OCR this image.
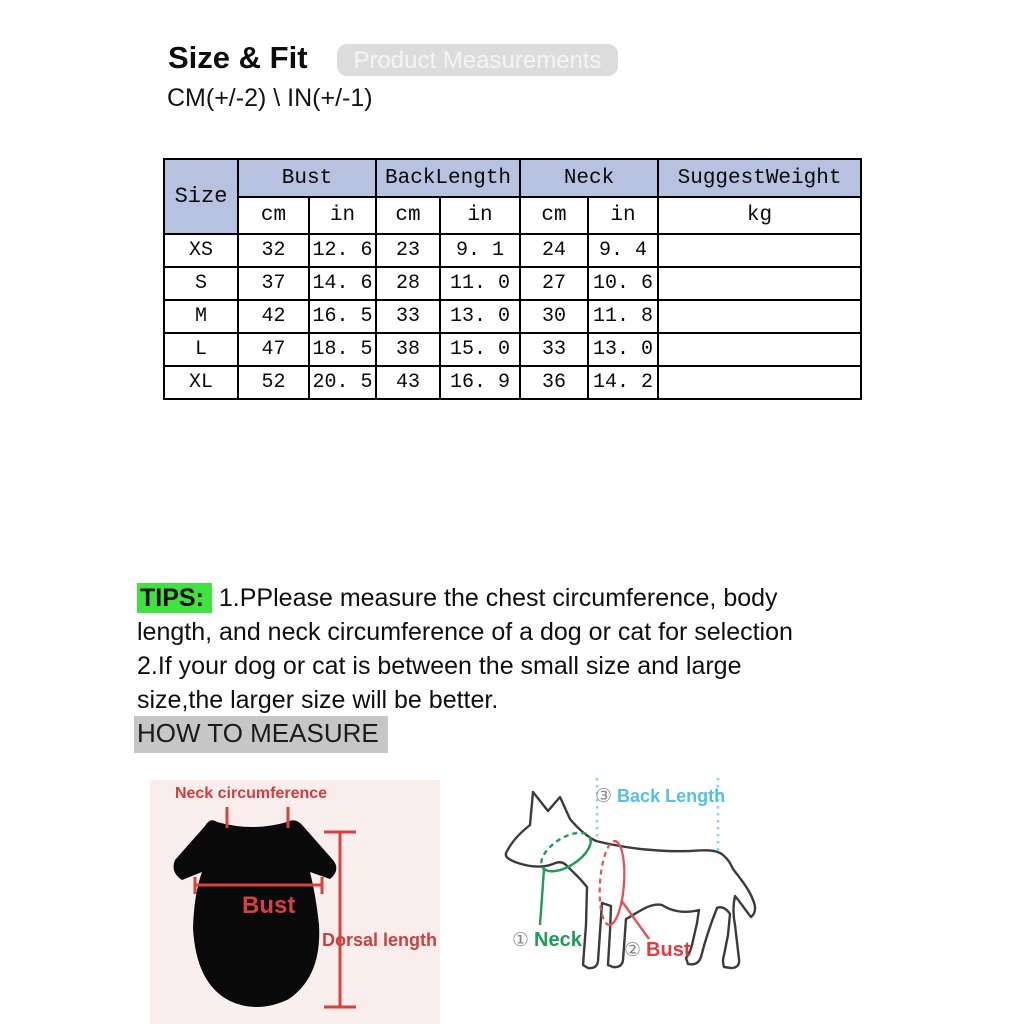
Size & Fit	Product Measurements
CM(+/-2) \ IN(+/-1)
Size	Bust		BackLength		Neck		SuggestWeight
	cm	in	cm	in	cm	in	kg
XS	32	12. 6	23	9. 1	24	9. 4	
S	37	14. 6	28	11. 0	27	10. 6	
M	42	16. 5	33	13. 0	30	11. 8	
L	47	18. 5	38	15. 0	33	13. 0	
XL	52	20. 5	43	16. 9	36	14. 2	
TIPS: 1.PPlease measure the chest circumference, body
length, and neck circumference of a dog or cat for selection
2.If your dog or cat is between the small size and large
size,the larger size will be better.
HOW TO MEASURE
Neck circumference
Bust
Dorsal length
③ Back Length
① Neck ② Bust
